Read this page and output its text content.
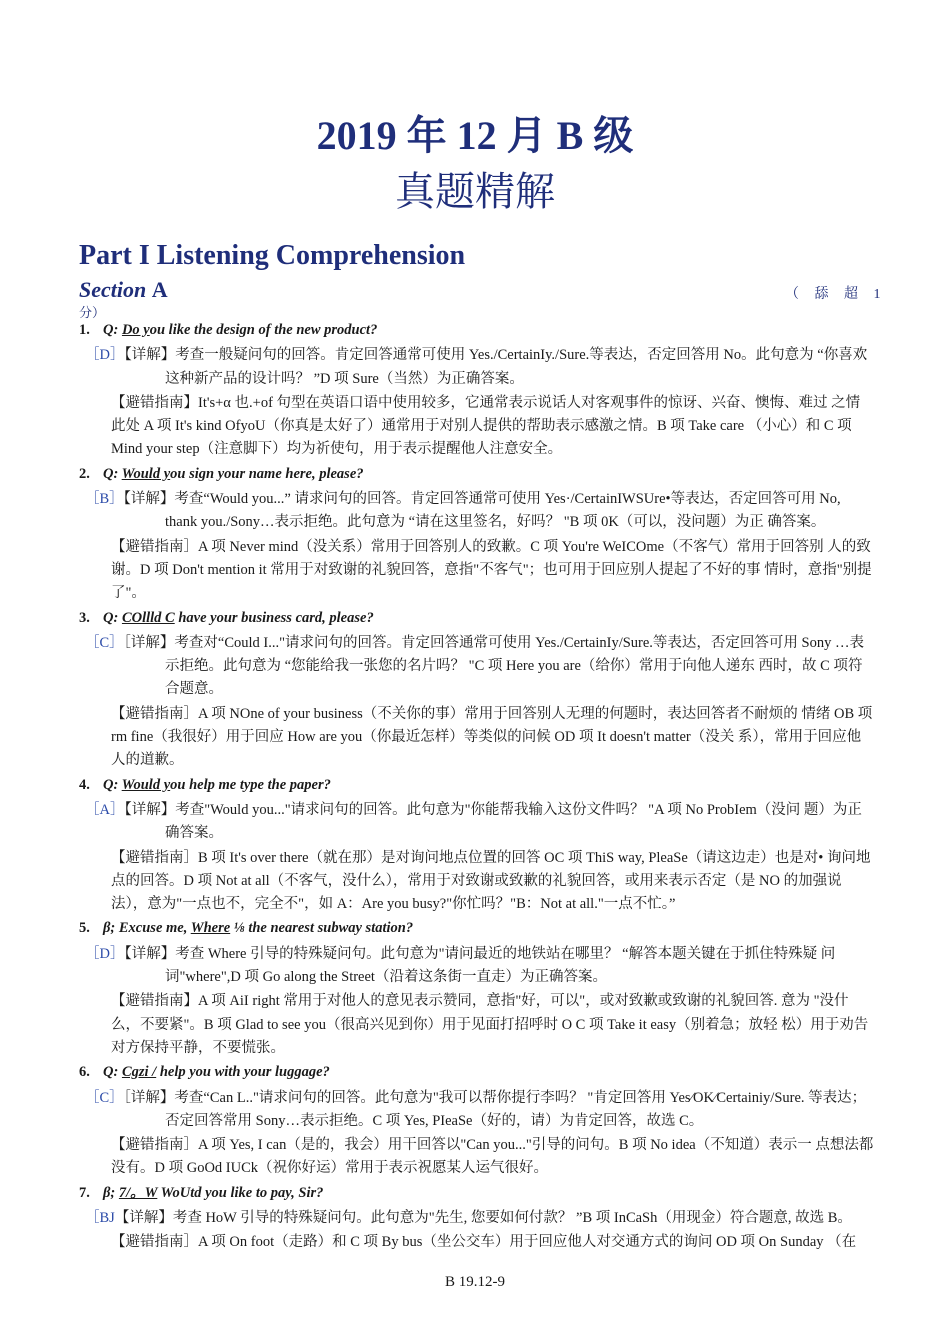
2019 年 12 月 B 级
真题精解
Part I Listening Comprehension
Section A	（ 舔 超 1
分）
1. Q: Do you like the design of the new product?
［D］【详解】考查一般疑问句的回答。肯定回答通常可使用 Yes./CertainIy./Sure.等表达，否定回答用 No。此句意为 “你喜欢这种新产品的设计吗？ ”D 项 Sure（当然）为正确答案。
【避错指南】It's+α 也.+of 句型在英语口语中使用较多，它通常表示说话人对客观事件的惊讶、兴奋、懊悔、难过 之情此处 A 项 It's kind OfyoU（你真是太好了）通常用于对别人提供的帮助表示感激之情。B 项 Take care （小心）和 C 项 Mind your step（注意脚下）均为祈使句，用于表示提醒他人注意安全。
2. Q: Would you sign your name here, please?
［B］【详解】考查“Would you...” 请求问句的回答。肯定回答通常可使用 Yes·/CertainIWSUre•等表达，否定回答可用 No, thank you./Sony…表示拒绝。此句意为 “请在这里签名，好吗？ "B 项 0K（可以，没问题）为正 确答案。
【避错指南］A 项 Never mind（没关系）常用于回答别人的致歉。C 项 You're WeICOme（不客气）常用于回答别 人的致谢。D 项 Don't mention it 常用于对致谢的礼貌回答，意指"不客气"；也可用于回应别人提起了不好的事 情时，意指"别提了"。
3. Q: COllld C have your business card, please?
［C］［详解】考查对“Could I..."请求问句的回答。肯定回答通常可使用 Yes./CertainIy/Sure.等表达，否定回答可用 Sony …表示拒绝。此句意为 “您能给我一张您的名片吗？ "C 项 Here you are（给你）常用于向他人递东 西时，故 C 项符合题意。
【避错指南］A 项 NOne of your business（不关你的事）常用于回答别人无理的何题时，表达回答者不耐烦的 情绪 OB 项 rm fine（我很好）用于回应 How are you（你最近怎样）等类似的问候 OD 项 It doesn't matter（没关 系），常用于回应他人的道歉。
4. Q: Would you help me type the paper?
［A］【详解】考查"Would you..."请求问句的回答。此句意为"你能帮我输入这份文件吗？ "A 项 No ProbIem（没问 题）为正确答案。
【避错指南］B 项 It's over there（就在那）是对询问地点位置的回答 OC 项 ThiS way, PleaSe（请这边走）也是对• 询问地点的回答。D 项 Not at all（不客气，没什么），常用于对致谢或致歉的礼貌回答，或用来表示否定（是 NO 的加强说法），意为"一点也不，完全不"，如 A：Are you busy?"你忙吗？"B：Not at all."一点不忙。”
5. β; Excuse me, Where ⅛ the nearest subway station?
［D］【详解】考查 Where 引导的特殊疑问句。此句意为"请问最近的地铁站在哪里？ “解答本题关键在于抓住特殊疑 问词"where",D 项 Go along the Street（沿着这条街一直走）为正确答案。
【避错指南】A 项 AiI right 常用于对他人的意见表示赞同，意指"好，可以"，或对致歉或致谢的礼貌回答. 意为 "没什么，不要紧"。B 项 Glad to see you（很高兴见到你）用于见面打招呼时 O C 项 Take it easy（别着急；放轻 松）用于劝告对方保持平静，不要慌张。
6. Q: Cgzi / help you with your luggage?
［C］［详解】考查“Can L.."请求问句的回答。此句意为"我可以帮你提行李吗？ "肯定回答用 Yes⁄OK⁄Certainiy/Sure. 等表达；否定回答常用 Sony…表示拒绝。C 项 Yes, PIeaSe（好的，请）为肯定回答，故选 C。
【避错指南］A 项 Yes, I can（是的，我会）用干回答以"Can you..."引导的问句。B 项 No idea（不知道）表示一 点想法都没有。D 项 GoOd IUCk（祝你好运）常用于表示祝愿某人运气很好。
7. β; 7/。W WoUtd you like to pay, Sir?
［BJ【详解】考查 HoW 引导的特殊疑问句。此句意为"先生, 您要如何付款？ ”B 项 InCaSh（用现金）符合题意, 故选 B。
【避错指南］A 项 On foot（走路）和 C 项 By bus（坐公交车）用于回应他人对交通方式的询问 OD 项 On Sunday （在
B 19.12-9
